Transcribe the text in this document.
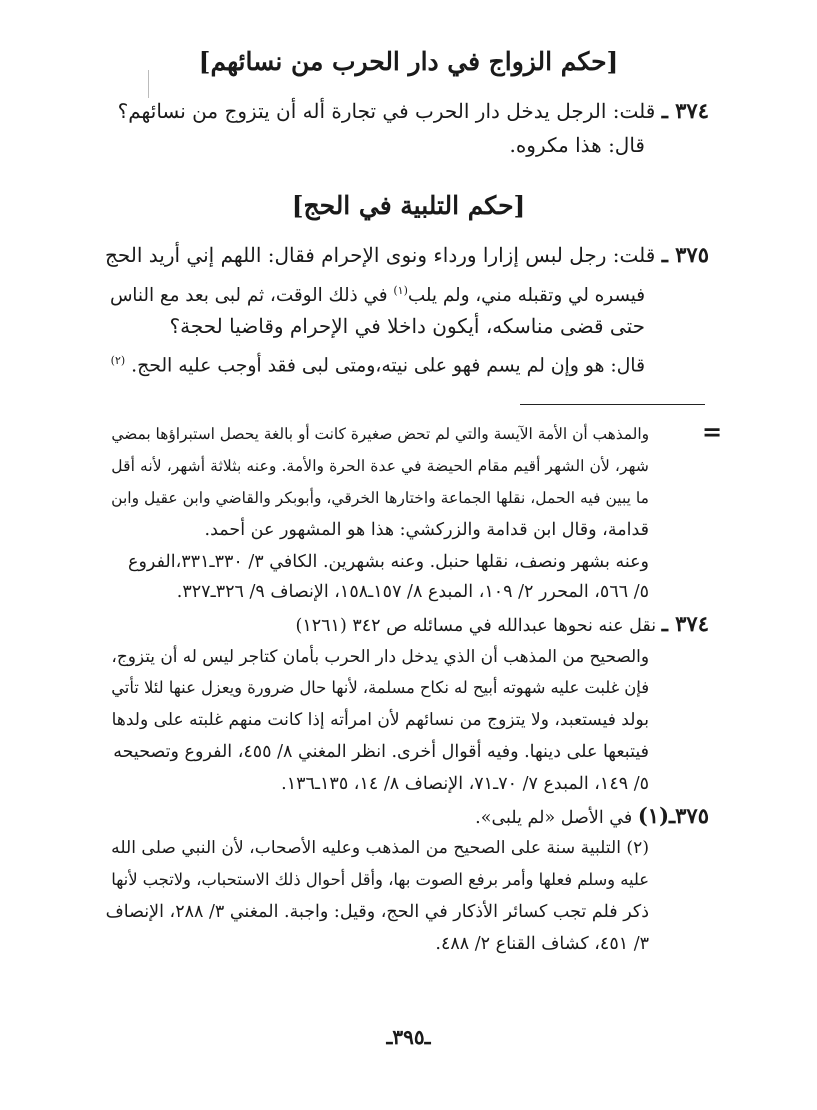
[حكم الزواج في دار الحرب من نسائهم]
٣٧٤ ـ قلت: الرجل يدخل دار الحرب في تجارة أله أن يتزوج من نسائهم؟
قال: هذا مكروه.
[حكم التلبية في الحج]
٣٧٥ ـ قلت: رجل لبس إزارا ورداء ونوى الإحرام فقال: اللهم إني أريد الحج
فيسره لي وتقبله مني، ولم يلب$^{(١)}$ في ذلك الوقت، ثم لبى بعد مع الناس
حتى قضى مناسكه، أيكون داخلا في الإحرام وقاضيا لحجة؟
قال: هو وإن لم يسم فهو على نيته،ومتى لبى فقد أوجب عليه الحج. $^{(٢)}$
=
والمذهب أن الأمة الآيسة والتي لم تحض صغيرة كانت أو بالغة يحصل استبراؤها بمضي
شهر، لأن الشهر أقيم مقام الحيضة في عدة الحرة والأمة. وعنه بثلاثة أشهر، لأنه أقل
ما يبين فيه الحمل، نقلها الجماعة واختارها الخرقي، وأبوبكر والقاضي وابن عقيل وابن
قدامة، وقال ابن قدامة والزركشي: هذا هو المشهور عن أحمد.
وعنه بشهر ونصف، نقلها حنبل. وعنه بشهرين. الكافي ٣/ ٣٣٠ـ٣٣١،الفروع
٥/ ٥٦٦، المحرر ٢/ ١٠٩، المبدع ٨/ ١٥٧ـ١٥٨، الإنصاف ٩/ ٣٢٦ـ٣٢٧.
٣٧٤ ـ نقل عنه نحوها عبدالله في مسائله ص ٣٤٢ (١٢٦١)
والصحيح من المذهب أن الذي يدخل دار الحرب بأمان كتاجر ليس له أن يتزوج،
فإن غلبت عليه شهوته أبيح له نكاح مسلمة، لأنها حال ضرورة ويعزل عنها لئلا تأتي
بولد فيستعبد، ولا يتزوج من نسائهم لأن امرأته إذا كانت منهم غلبته على ولدها
فيتبعها على دينها. وفيه أقوال أخرى. انظر المغني ٨/ ٤٥٥، الفروع وتصحيحه
٥/ ١٤٩، المبدع ٧/ ٧٠ـ٧١، الإنصاف ٨/ ١٤، ١٣٥ـ١٣٦.
٣٧٥ـ(١) في الأصل «لم يلبى».
(٢) التلبية سنة على الصحيح من المذهب وعليه الأصحاب، لأن النبي صلى الله
عليه وسلم فعلها وأمر برفع الصوت بها، وأقل أحوال ذلك الاستحباب، ولاتجب لأنها
ذكر فلم تجب كسائر الأذكار في الحج، وقيل: واجبة. المغني ٣/ ٢٨٨، الإنصاف
٣/ ٤٥١، كشاف القناع ٢/ ٤٨٨.
ـ٣٩٥ـ
